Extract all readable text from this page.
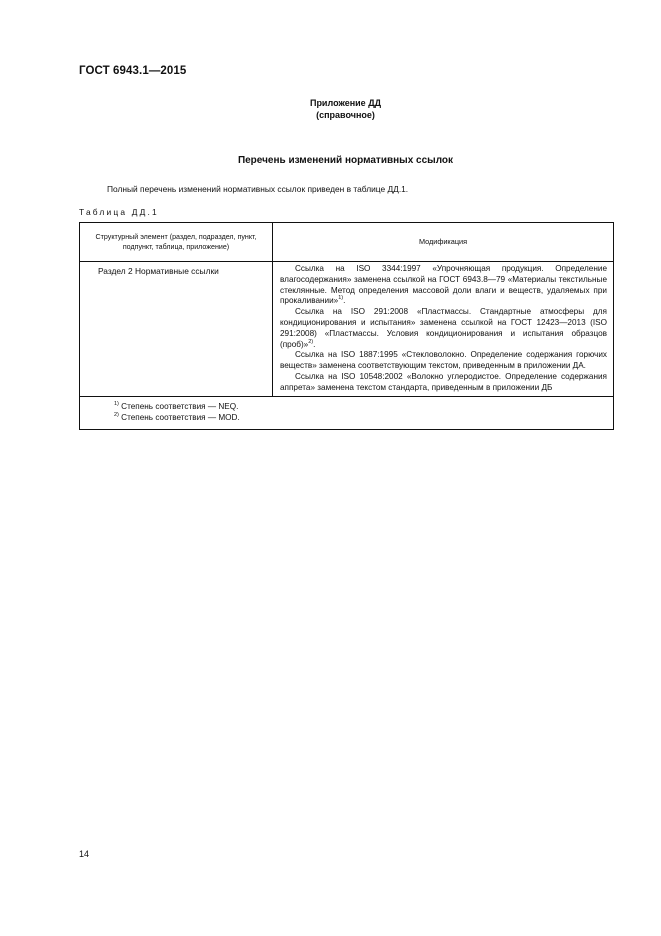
ГОСТ 6943.1—2015
Приложение ДД
(справочное)
Перечень изменений нормативных ссылок
Полный перечень изменений нормативных ссылок приведен в таблице ДД.1.
Таблица ДД.1
Структурный элемент (раздел, подраздел, пункт, подпункт, таблица, приложение)	Модификация
Раздел 2 Нормативные ссылки	Ссылка на ISO 3344:1997 «Упрочняющая продукция. Определение влагосодержания» заменена ссылкой на ГОСТ 6943.8—79 «Материалы текстильные стеклянные. Метод определения массовой доли влаги и веществ, удаляемых при прокаливании»$^{1)}$.

Ссылка на ISO 291:2008 «Пластмассы. Стандартные атмосферы для кондиционирования и испытания» заменена ссылкой на ГОСТ 12423—2013 (ISO 291:2008) «Пластмассы. Условия кондиционирования и испытания образцов (проб)»$^{2)}$.

Ссылка на ISO 1887:1995 «Стекловолокно. Определение содержания горючих веществ» заменена соответствующим текстом, приведенным в приложении ДА.

Ссылка на ISO 10548:2002 «Волокно углеродистое. Определение содержания аппрета» заменена текстом стандарта, приведенным в приложении ДБ

$^{1)}$ Степень соответствия — NEQ.
$^{2)}$ Степень соответствия — MOD.	
14
